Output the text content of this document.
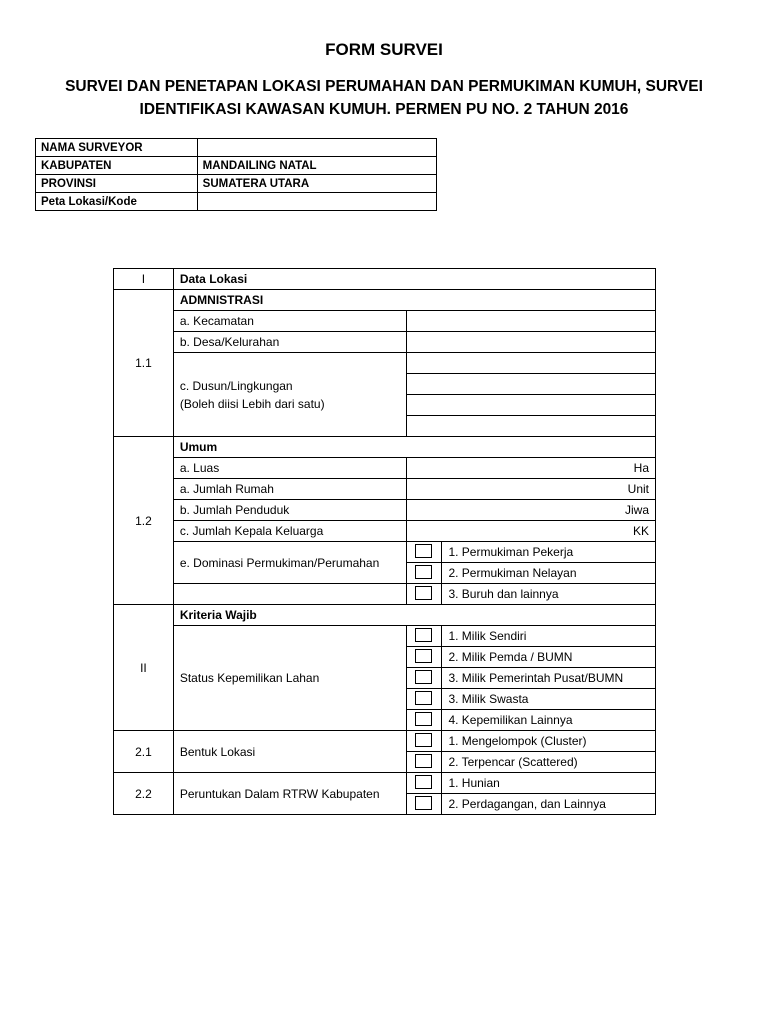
FORM SURVEI
SURVEI DAN PENETAPAN LOKASI PERUMAHAN DAN PERMUKIMAN KUMUH, SURVEI IDENTIFIKASI KAWASAN KUMUH. PERMEN PU NO. 2 TAHUN 2016
NAMA SURVEYOR	
KABUPATEN	MANDAILING NATAL
PROVINSI	SUMATERA UTARA
Peta Lokasi/Kode	
I	Data Lokasi		
1.1	ADMNISTRASI		
	a. Kecamatan		
	b. Desa/Kelurahan		
	c. Dusun/Lingkungan
(Boleh diisi Lebih dari satu)		

1.2	Umum		
	a. Luas	Ha	
	a. Jumlah Rumah	Unit	
	b. Jumlah Penduduk	Jiwa	
	c. Jumlah Kepala Keluarga	KK	
	e. Dominasi Permukiman/Perumahan		1. Permukiman Pekerja
			2. Permukiman Nelayan
			3. Buruh dan lainnya
II	Kriteria Wajib		
	Status Kepemilikan Lahan		1. Milik Sendiri
			2. Milik Pemda / BUMN
			3. Milik Pemerintah Pusat/BUMN
			3. Milik Swasta
			4. Kepemilikan Lainnya
2.1	Bentuk Lokasi		1. Mengelompok (Cluster)
			2. Terpencar (Scattered)
2.2	Peruntukan Dalam RTRW Kabupaten		1. Hunian
			2. Perdagangan, dan Lainnya
